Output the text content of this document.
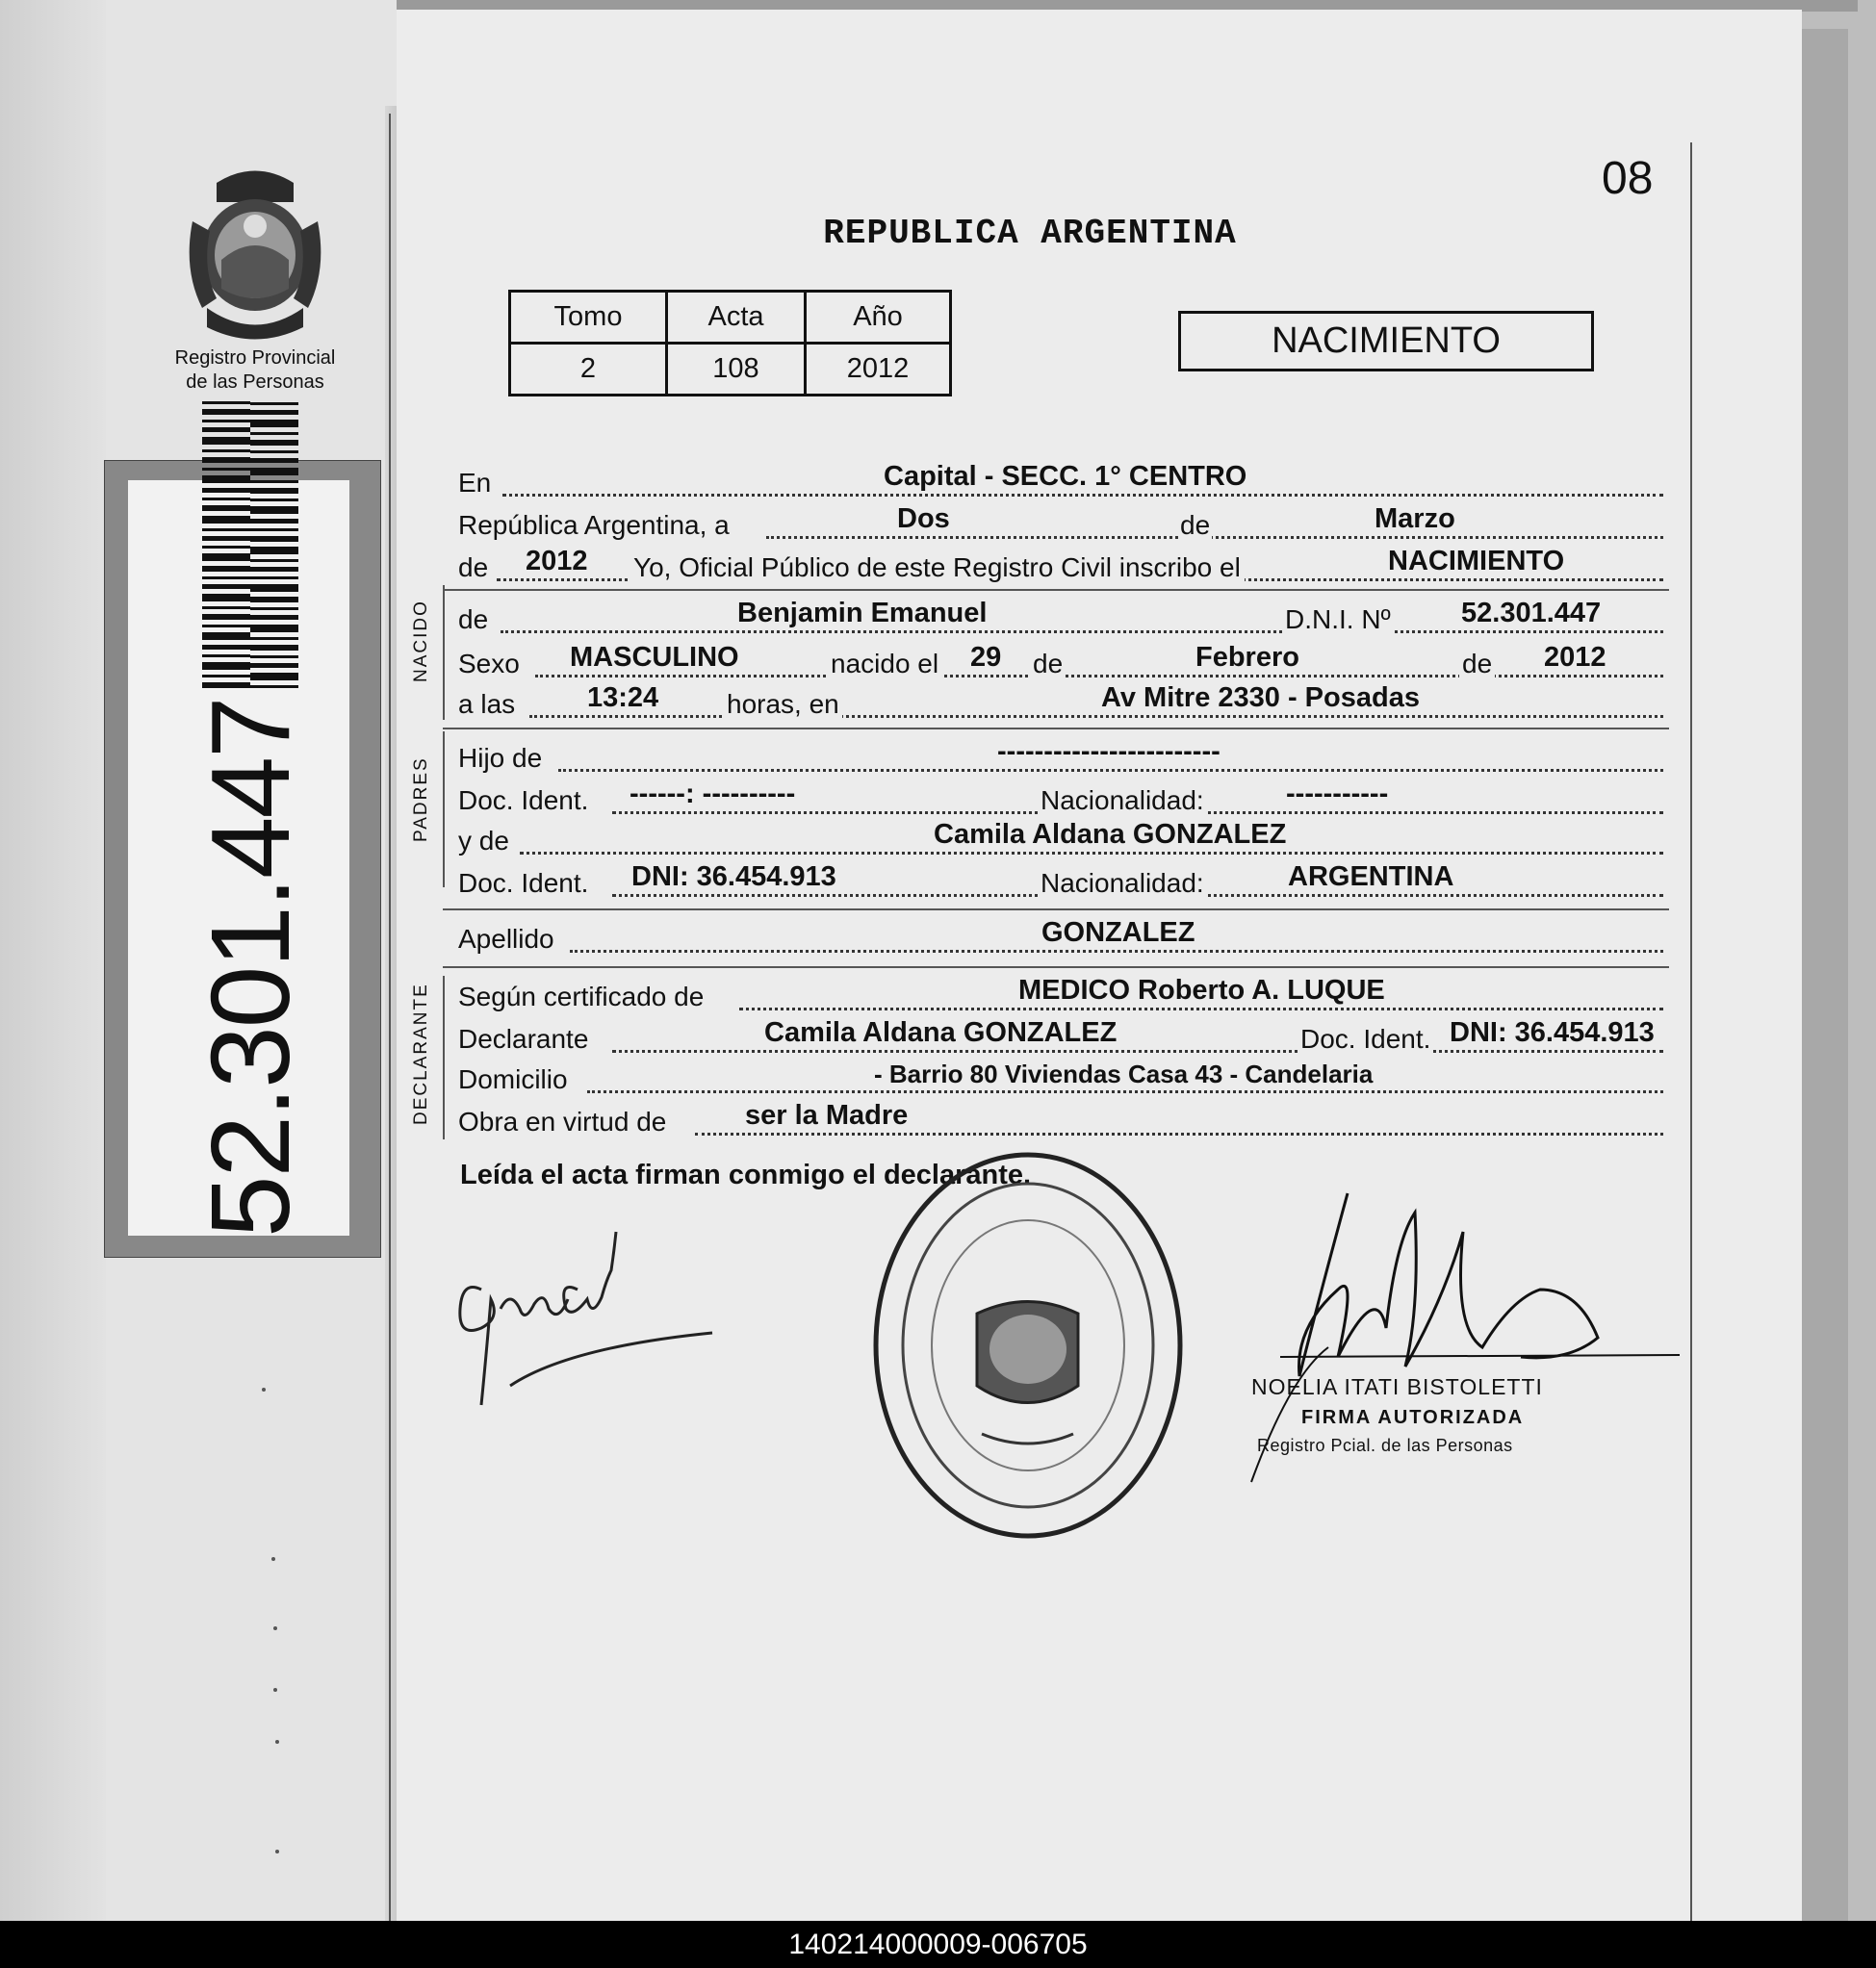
Registro Provincial
de las Personas
52.301.447
08
REPUBLICA ARGENTINA
Tomo	Acta	Año
2	108	2012
NACIMIENTO
En	Capital - SECC. 1° CENTRO
República Argentina, a	Dos	de	Marzo
de 2012 Yo, Oficial Público de este Registro Civil inscribo el	NACIMIENTO
NACIDO de	Benjamin Emanuel	D.N.I. Nº	52.301.447
Sexo MASCULINO	nacido el 29 de	Febrero	de 2012
a las	13:24	horas, en	Av Mitre 2330 - Posadas
PADRES Hijo de	------------------------
Doc. Ident. ------: ----------	Nacionalidad:	-----------
y de	Camila Aldana GONZALEZ
Doc. Ident. DNI: 36.454.913	Nacionalidad:	ARGENTINA
Apellido	GONZALEZ
DECLARANTE Según certificado de	MEDICO Roberto A. LUQUE
Declarante	Camila Aldana GONZALEZ	Doc. Ident. DNI: 36.454.913
Domicilio	- Barrio 80 Viviendas Casa 43 - Candelaria
Obra en virtud de	ser la Madre
Leída el acta firman conmigo el declarante.
NOELIA ITATI BISTOLETTI
FIRMA AUTORIZADA
Registro Pcial. de las Personas
140214000009-006705
